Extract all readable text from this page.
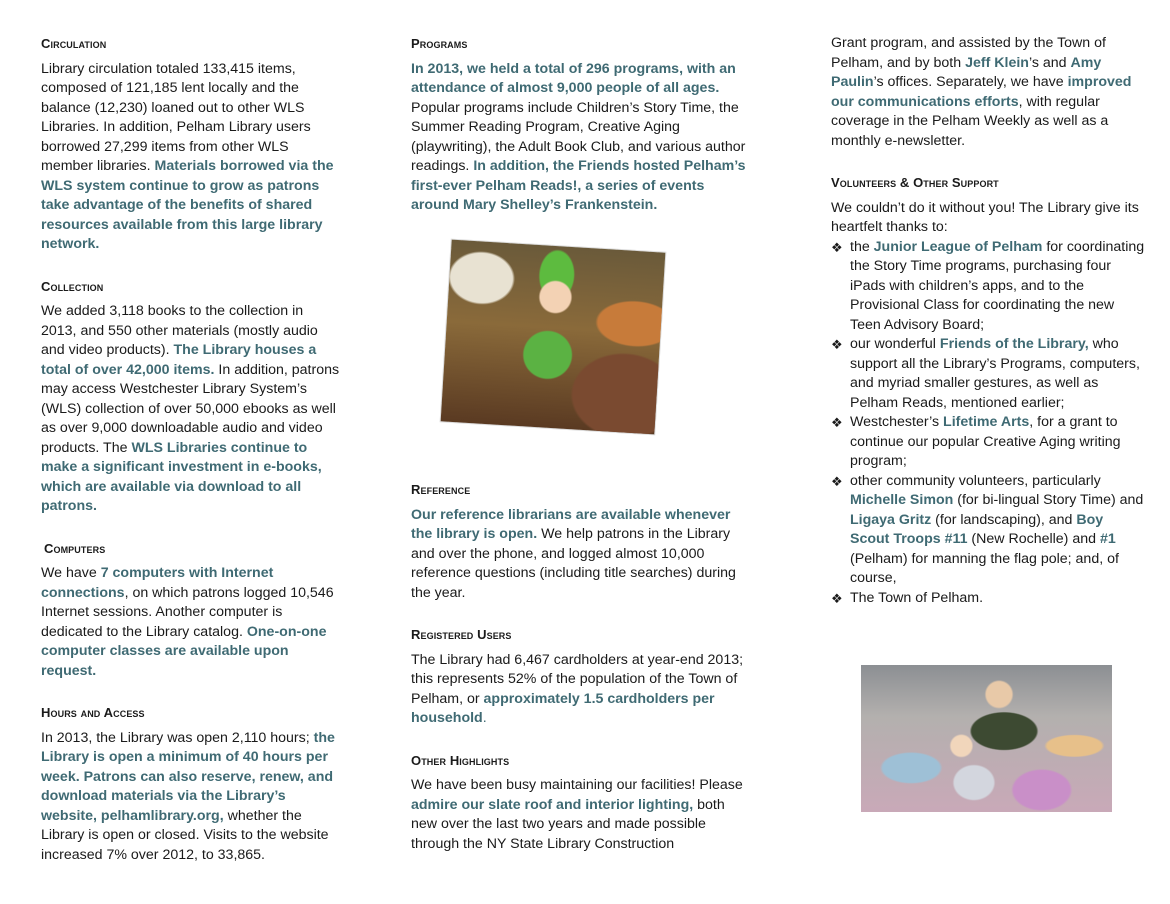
Circulation

Library circulation totaled 133,415 items, composed of 121,185 lent locally and the balance (12,230) loaned out to other WLS Libraries. In addition, Pelham Library users borrowed 27,299 items from other WLS member libraries. Materials borrowed via the WLS system continue to grow as patrons take advantage of the benefits of shared resources available from this large library network.

Collection

We added 3,118 books to the collection in 2013, and 550 other materials (mostly audio and video products). The Library houses a total of over 42,000 items. In addition, patrons may access Westchester Library System’s (WLS) collection of over 50,000 ebooks as well as over 9,000 downloadable audio and video products. The WLS Libraries continue to make a significant investment in e-books, which are available via download to all patrons.

Computers

We have 7 computers with Internet connections, on which patrons logged 10,546 Internet sessions. Another computer is dedicated to the Library catalog. One-on-one computer classes are available upon request.

Hours and Access

In 2013, the Library was open 2,110 hours; the Library is open a minimum of 40 hours per week. Patrons can also reserve, renew, and download materials via the Library’s website, pelhamlibrary.org, whether the Library is open or closed. Visits to the website increased 7% over 2012, to 33,865.

Programs

In 2013, we held a total of 296 programs, with an attendance of almost 9,000 people of all ages. Popular programs include Children’s Story Time, the Summer Reading Program, Creative Aging (playwriting), the Adult Book Club, and various author readings. In addition, the Friends hosted Pelham’s first-ever Pelham Reads!, a series of events around Mary Shelley’s Frankenstein.

Reference

Our reference librarians are available whenever the library is open. We help patrons in the Library and over the phone, and logged almost 10,000 reference questions (including title searches) during the year.

Registered Users

The Library had 6,467 cardholders at year-end 2013; this represents 52% of the population of the Town of Pelham, or approximately 1.5 cardholders per household.

Other Highlights

We have been busy maintaining our facilities! Please admire our slate roof and interior lighting, both new over the last two years and made possible through the NY State Library Construction

Grant program, and assisted by the Town of Pelham, and by both Jeff Klein’s and Amy Paulin’s offices. Separately, we have improved our communications efforts, with regular coverage in the Pelham Weekly as well as a monthly e-newsletter.

Volunteers & Other Support

We couldn’t do it without you! The Library give its heartfelt thanks to:

❖ the Junior League of Pelham for coordinating the Story Time programs, purchasing four iPads with children’s apps, and to the Provisional Class for coordinating the new Teen Advisory Board;
❖ our wonderful Friends of the Library, who support all the Library’s Programs, computers, and myriad smaller gestures, as well as Pelham Reads, mentioned earlier;
❖ Westchester’s Lifetime Arts, for a grant to continue our popular Creative Aging writing program;
❖ other community volunteers, particularly Michelle Simon (for bi-lingual Story Time) and Ligaya Gritz (for landscaping), and Boy Scout Troops #11 (New Rochelle) and #1 (Pelham) for manning the flag pole; and, of course,
❖ The Town of Pelham.
